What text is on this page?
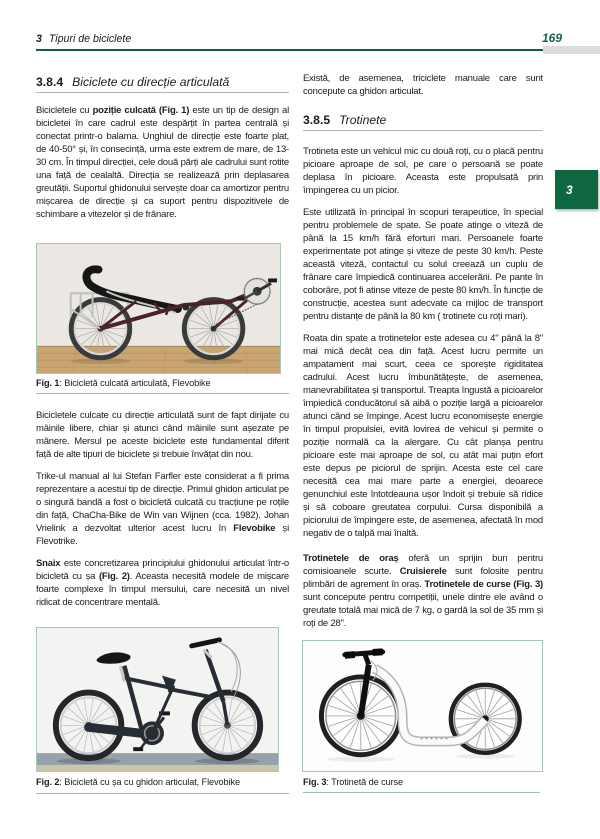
3 Tipuri de biciclete	169
3
3.8.4 Biciclete cu direcție articulată

Bicicletele cu poziție culcată (Fig. 1) este un tip de design al bicicletei în care cadrul este despărțit în partea centrală și conectat printr-o balama. Unghiul de direcție este foarte plat, de 40-50° și, în consecință, urma este extrem de mare, de 13-30 cm. În timpul direcției, cele două părți ale cadrului sunt rotite una față de cealaltă. Direcția se realizează prin deplasarea greutății. Suportul ghidonului servește doar ca amortizor pentru mișcarea de direcție și ca suport pentru dispozitivele de schimbare a vitezelor și de frânare.

Fig. 1: Bicicletă culcată articulată, Flevobike

Bicicletele culcate cu direcție articulată sunt de fapt dirijate cu mâinile libere, chiar și atunci când mâinile sunt așezate pe mânere. Mersul pe aceste biciclete este fundamental diferit față de alte tipuri de biciclete și trebuie învățat din nou.

Trike-ul manual al lui Stefan Farfler este considerat a fi prima reprezentare a acestui tip de direcție. Primul ghidon articulat pe o singură bandă a fost o bicicletă culcată cu tracțiune pe roțile din față, ChaCha-Bike de Win van Wijnen (cca. 1982). Johan Vrielink a dezvoltat ulterior acest lucru în Flevobike și Flevotrike.

Snaix este concretizarea principiului ghidonului articulat într-o bicicletă cu șa (Fig. 2). Aceasta necesită modele de mișcare foarte complexe în timpul mersului, care necesită un nivel ridicat de concentrare mentală.

Fig. 2: Bicicletă cu șa cu ghidon articulat, Flevobike

Există, de asemenea, triciclete manuale care sunt concepute ca ghidon articulat.

3.8.5 Trotinete

Trotineta este un vehicul mic cu două roți, cu o placă pentru picioare aproape de sol, pe care o persoană se poate deplasa în picioare. Aceasta este propulsată prin împingerea cu un picior.

Este utilizată în principal în scopuri terapeutice, în special pentru problemele de spate. Se poate atinge o viteză de până la 15 km/h fără eforturi mari. Persoanele foarte experimentate pot atinge și viteze de peste 30 km/h. Peste această viteză, contactul cu solul creează un cuplu de frânare care împiedică continuarea accelerării. Pe pante în coborâre, pot fi atinse viteze de peste 80 km/h. În funcție de construcție, acestea sunt adecvate ca mijloc de transport pentru distanțe de până la 80 km ( trotinete cu roți mari).

Roata din spate a trotinetelor este adesea cu 4" până la 8" mai mică decât cea din față. Acest lucru permite un ampatament mai scurt, ceea ce sporește rigiditatea cadrului. Acest lucru îmbunătățește, de asemenea, manevrabilitatea și transportul. Treapta îngustă a picioarelor împiedică conducătorul să aibă o poziție largă a picioarelor atunci când se împinge. Acest lucru economisește energie în timpul propulsiei, evită lovirea de vehicul și permite o poziție normală ca la alergare. Cu cât planșa pentru picioare este mai aproape de sol, cu atât mai puțin efort este depus pe piciorul de sprijin. Acesta este cel care necesită cea mai mare parte a energiei, deoarece genunchiul este întotdeauna ușor îndoit și trebuie să ridice și să coboare greutatea corpului. Cursa disponibilă a piciorului de împingere este, de asemenea, afectată în mod negativ de o talpă mai înaltă.

Trotinetele de oraș oferă un sprijin bun pentru comisioanele scurte. Cruisierele sunt folosite pentru plimbări de agrement în oraș. Trotinetele de curse (Fig. 3) sunt concepute pentru competiții, unele dintre ele având o greutate totală mai mică de 7 kg, o gardă la sol de 35 mm și roți de 28".

Fig. 3: Trotinetă de curse
